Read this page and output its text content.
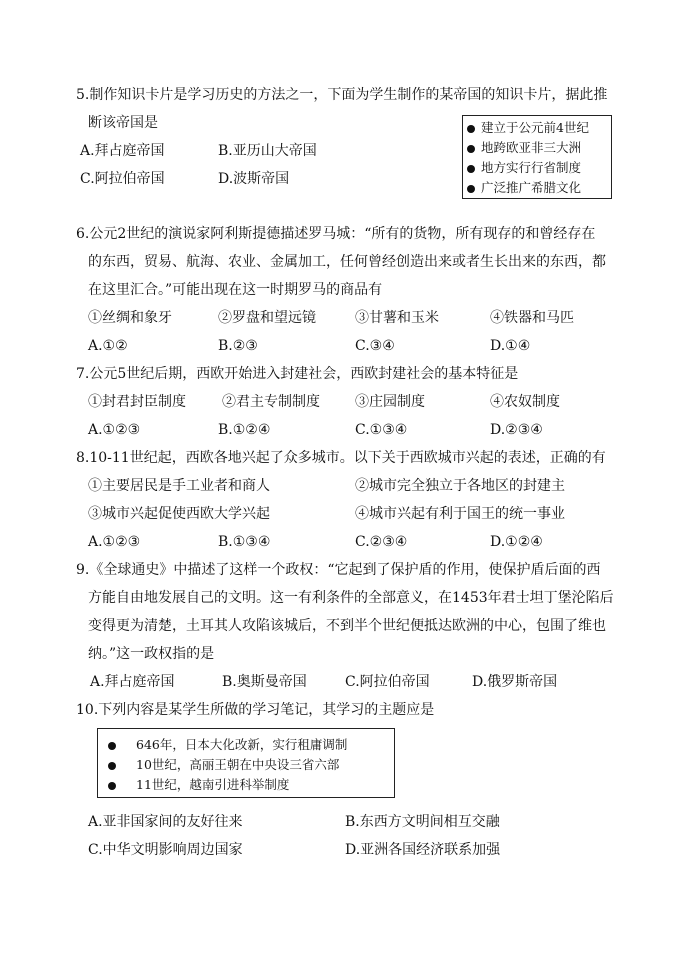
5.制作知识卡片是学习历史的方法之一，下面为学生制作的某帝国的知识卡片，据此推
断该帝国是
A.拜占庭帝国	B.亚历山大帝国
C.阿拉伯帝国	D.波斯帝国
建立于公元前4世纪
地跨欧亚非三大洲
地方实行行省制度
广泛推广希腊文化
6.公元2世纪的演说家阿利斯提德描述罗马城：“所有的货物，所有现存的和曾经存在
的东西，贸易、航海、农业、金属加工，任何曾经创造出来或者生长出来的东西，都
在这里汇合。”可能出现在这一时期罗马的商品有
①丝绸和象牙	②罗盘和望远镜	③甘薯和玉米	④铁器和马匹
A.①②	B.②③	C.③④	D.①④
7.公元5世纪后期，西欧开始进入封建社会，西欧封建社会的基本特征是
①封君封臣制度	②君主专制制度	③庄园制度	④农奴制度
A.①②③	B.①②④	C.①③④	D.②③④
8.10-11世纪起，西欧各地兴起了众多城市。以下关于西欧城市兴起的表述，正确的有
①主要居民是手工业者和商人	②城市完全独立于各地区的封建主
③城市兴起促使西欧大学兴起	④城市兴起有利于国王的统一事业
A.①②③	B.①③④	C.②③④	D.①②④
9.《全球通史》中描述了这样一个政权：“它起到了保护盾的作用，使保护盾后面的西
方能自由地发展自己的文明。这一有利条件的全部意义，在1453年君士坦丁堡沦陷后
变得更为清楚，土耳其人攻陷该城后，不到半个世纪便抵达欧洲的中心，包围了维也
纳。”这一政权指的是
A.拜占庭帝国	B.奥斯曼帝国	C.阿拉伯帝国	D.俄罗斯帝国
10.下列内容是某学生所做的学习笔记，其学习的主题应是
646年，日本大化改新，实行租庸调制
10世纪，高丽王朝在中央设三省六部
11世纪，越南引进科举制度
A.亚非国家间的友好往来	B.东西方文明间相互交融
C.中华文明影响周边国家	D.亚洲各国经济联系加强
